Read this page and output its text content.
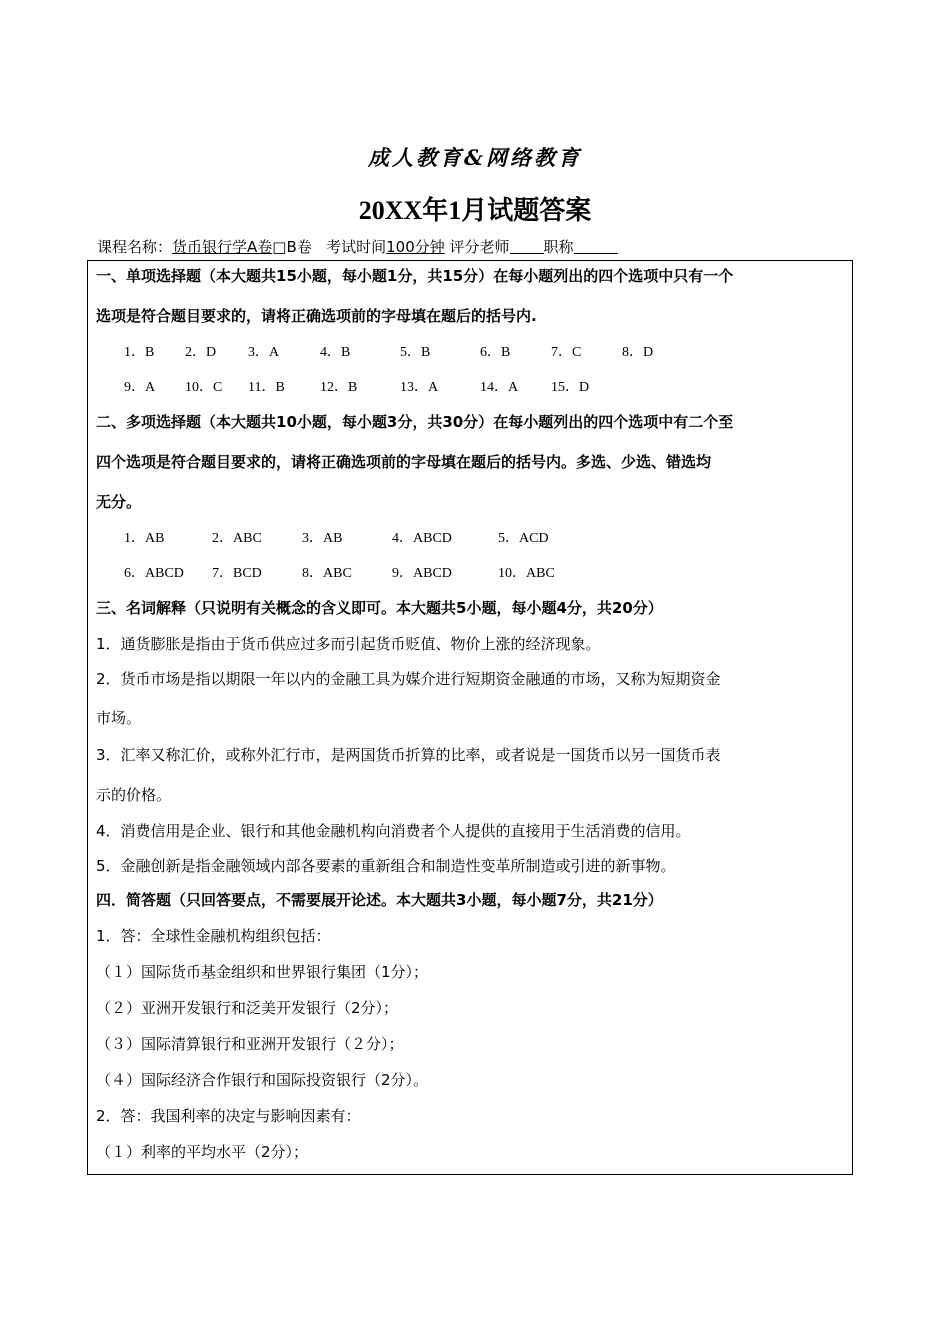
成人教育&网络教育
20XX年1月试题答案
课程名称：货币银行学A卷□B卷 考试时间100分钟 评分老师 职称
一、单项选择题（本大题共15小题，每小题1分，共15分）在每小题列出的四个选项中只有一个
选项是符合题目要求的，请将正确选项前的字母填在题后的括号内.
1．B 2．D 3．A	4．B	5．B	6．B	7．C	8．D
9．A 10．C 11．B	12．B	13．A	14．A 15．D
二、多项选择题（本大题共10小题，每小题3分，共30分）在每小题列出的四个选项中有二个至
四个选项是符合题目要求的，请将正确选项前的字母填在题后的括号内。多选、少选、错选均
无分。
1．AB	2．ABC	3．AB	4．ABCD	5．ACD
6．ABCD 7．BCD	8．ABC	9．ABCD	10．ABC
三、名词解释（只说明有关概念的含义即可。本大题共5小题，每小题4分，共20分）
1．通货膨胀是指由于货币供应过多而引起货币贬值、物价上涨的经济现象。
2．货币市场是指以期限一年以内的金融工具为媒介进行短期资金融通的市场，又称为短期资金
市场。
3．汇率又称汇价，或称外汇行市，是两国货币折算的比率，或者说是一国货币以另一国货币表
示的价格。
4．消费信用是企业、银行和其他金融机构向消费者个人提供的直接用于生活消费的信用。
5．金融创新是指金融领域内部各要素的重新组合和制造性变革所制造或引进的新事物。
四．简答题（只回答要点，不需要展开论述。本大题共3小题，每小题7分，共21分）
1．答：全球性金融机构组织包括：
（１）国际货币基金组织和世界银行集团（1分）；
（２）亚洲开发银行和泛美开发银行（2分）；
（３）国际清算银行和亚洲开发银行（２分）；
（４）国际经济合作银行和国际投资银行（2分）。
2．答：我国利率的决定与影响因素有：
（１）利率的平均水平（2分）；
